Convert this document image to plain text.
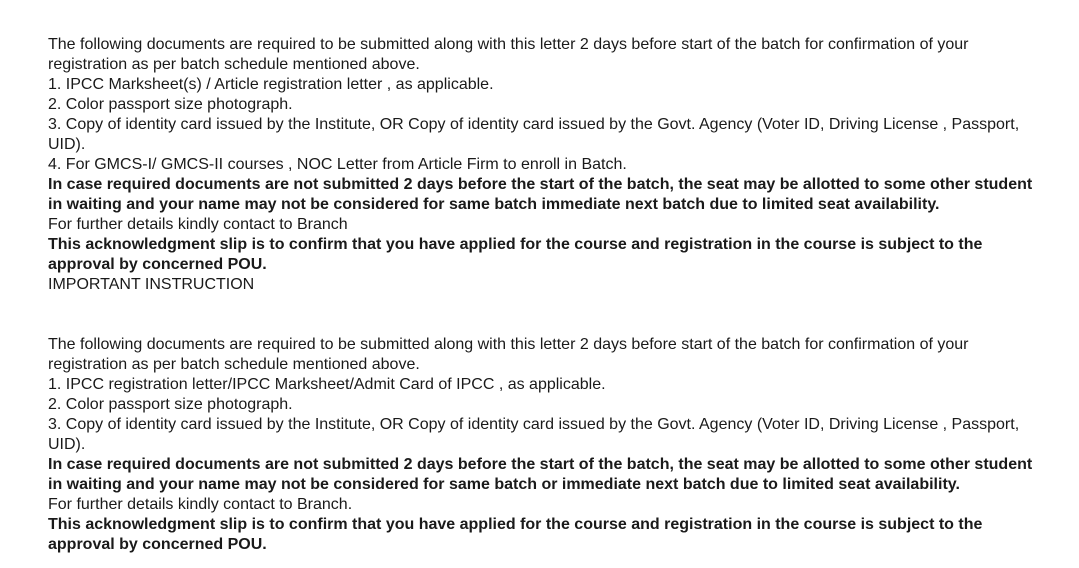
The following documents are required to be submitted along with this letter 2 days before start of the batch for confirmation of your registration as per batch schedule mentioned above.

1. IPCC Marksheet(s) / Article registration letter , as applicable.

2. Color passport size photograph.

3. Copy of identity card issued by the Institute, OR Copy of identity card issued by the Govt. Agency (Voter ID, Driving License , Passport, UID).

4. For GMCS-I/ GMCS-II courses , NOC Letter from Article Firm to enroll in Batch.

In case required documents are not submitted 2 days before the start of the batch, the seat may be allotted to some other student in waiting and your name may not be considered for same batch immediate next batch due to limited seat availability.

For further details kindly contact to Branch

This acknowledgment slip is to confirm that you have applied for the course and registration in the course is subject to the approval by concerned POU.

IMPORTANT INSTRUCTION

The following documents are required to be submitted along with this letter 2 days before start of the batch for confirmation of your registration as per batch schedule mentioned above.

1. IPCC registration letter/IPCC Marksheet/Admit Card of IPCC , as applicable.

2. Color passport size photograph.

3. Copy of identity card issued by the Institute, OR Copy of identity card issued by the Govt. Agency (Voter ID, Driving License , Passport, UID).

In case required documents are not submitted 2 days before the start of the batch, the seat may be allotted to some other student in waiting and your name may not be considered for same batch or immediate next batch due to limited seat availability.

For further details kindly contact to Branch.

This acknowledgment slip is to confirm that you have applied for the course and registration in the course is subject to the approval by concerned POU.
